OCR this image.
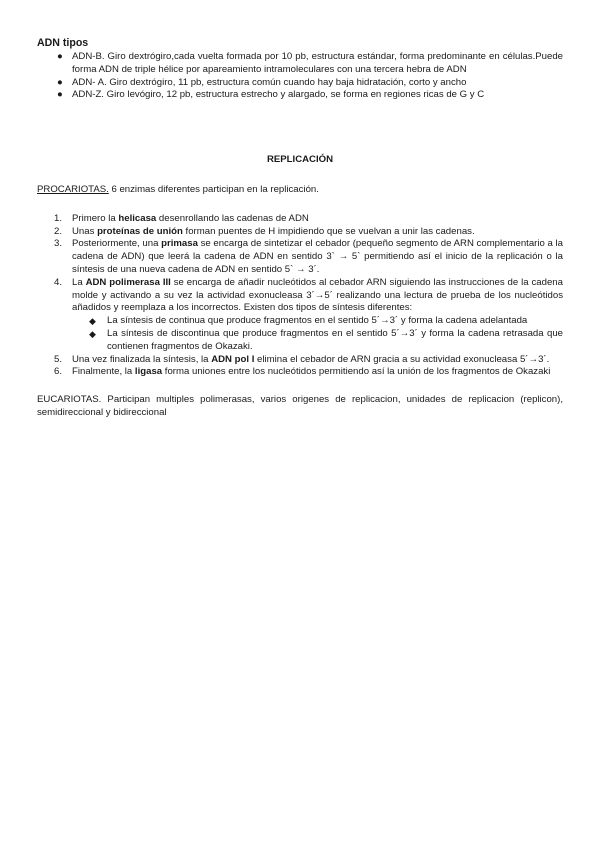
ADN tipos
● ADN-B. Giro dextrógiro,cada vuelta formada por 10 pb, estructura estándar, forma predominante en células.Puede forma ADN de triple hélice por apareamiento intramoleculares con una tercera hebra de ADN
● ADN- A. Giro dextrógiro, 11 pb, estructura común cuando hay baja hidratación, corto y ancho
● ADN-Z. Giro levógiro, 12 pb, estructura estrecho y alargado, se forma en regiones ricas de G y C
REPLICACIÓN
PROCARIOTAS. 6 enzimas diferentes participan en la replicación.
1. Primero la helicasa desenrollando las cadenas de ADN
2. Unas proteínas de unión forman puentes de H impidiendo que se vuelvan a unir las cadenas.
3. Posteriormente, una primasa se encarga de sintetizar el cebador (pequeño segmento de ARN complementario a la cadena de ADN) que leerá la cadena de ADN en sentido 3` → 5` permitiendo así el inicio de la replicación o la síntesis de una nueva cadena de ADN en sentido 5` → 3´.
4. La ADN polimerasa III se encarga de añadir nucleótidos al cebador ARN siguiendo las instrucciones de la cadena molde y activando a su vez la actividad exonucleasa 3´→5´ realizando una lectura de prueba de los nucleótidos añadidos y reemplaza a los incorrectos. Existen dos tipos de síntesis diferentes:
◆ La síntesis de continua que produce fragmentos en el sentido 5´→3´ y forma la cadena adelantada
◆ La síntesis de discontinua que produce fragmentos en el sentido 5´→3´ y forma la cadena retrasada que contienen fragmentos de Okazaki.
5. Una vez finalizada la síntesis, la ADN pol I elimina el cebador de ARN gracia a su actividad exonucleasa 5´→3´.
6. Finalmente, la ligasa forma uniones entre los nucleótidos permitiendo así la unión de los fragmentos de Okazaki
EUCARIOTAS. Participan multiples polimerasas, varios origenes de replicacion, unidades de replicacion (replicon), semidireccional y bidireccional
